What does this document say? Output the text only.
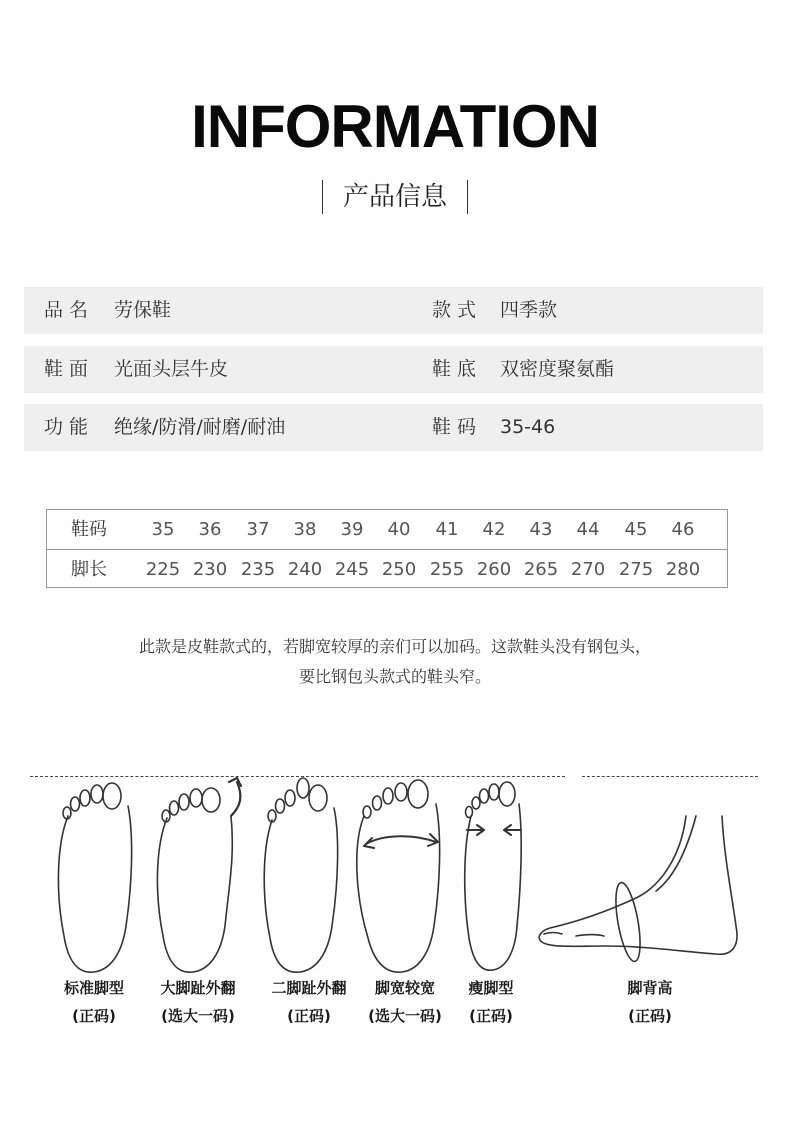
INFORMATION
产品信息
品名 劳保鞋	款式 四季款
鞋面 光面头层牛皮	鞋底 双密度聚氨酯
功能 绝缘/防滑/耐磨/耐油	鞋码 35-46
鞋码	35	36	37	38	39	40	41	42	43	44	45	46
脚长	225 230 235 240 245 250 255 260 265 270 275 280
此款是皮鞋款式的，若脚宽较厚的亲们可以加码。这款鞋头没有钢包头，
要比钢包头款式的鞋头窄。
标准脚型
(正码)
大脚趾外翻
(选大一码)
二脚趾外翻
(正码)
脚宽较宽
(选大一码)
瘦脚型
(正码)
脚背高
(正码)
